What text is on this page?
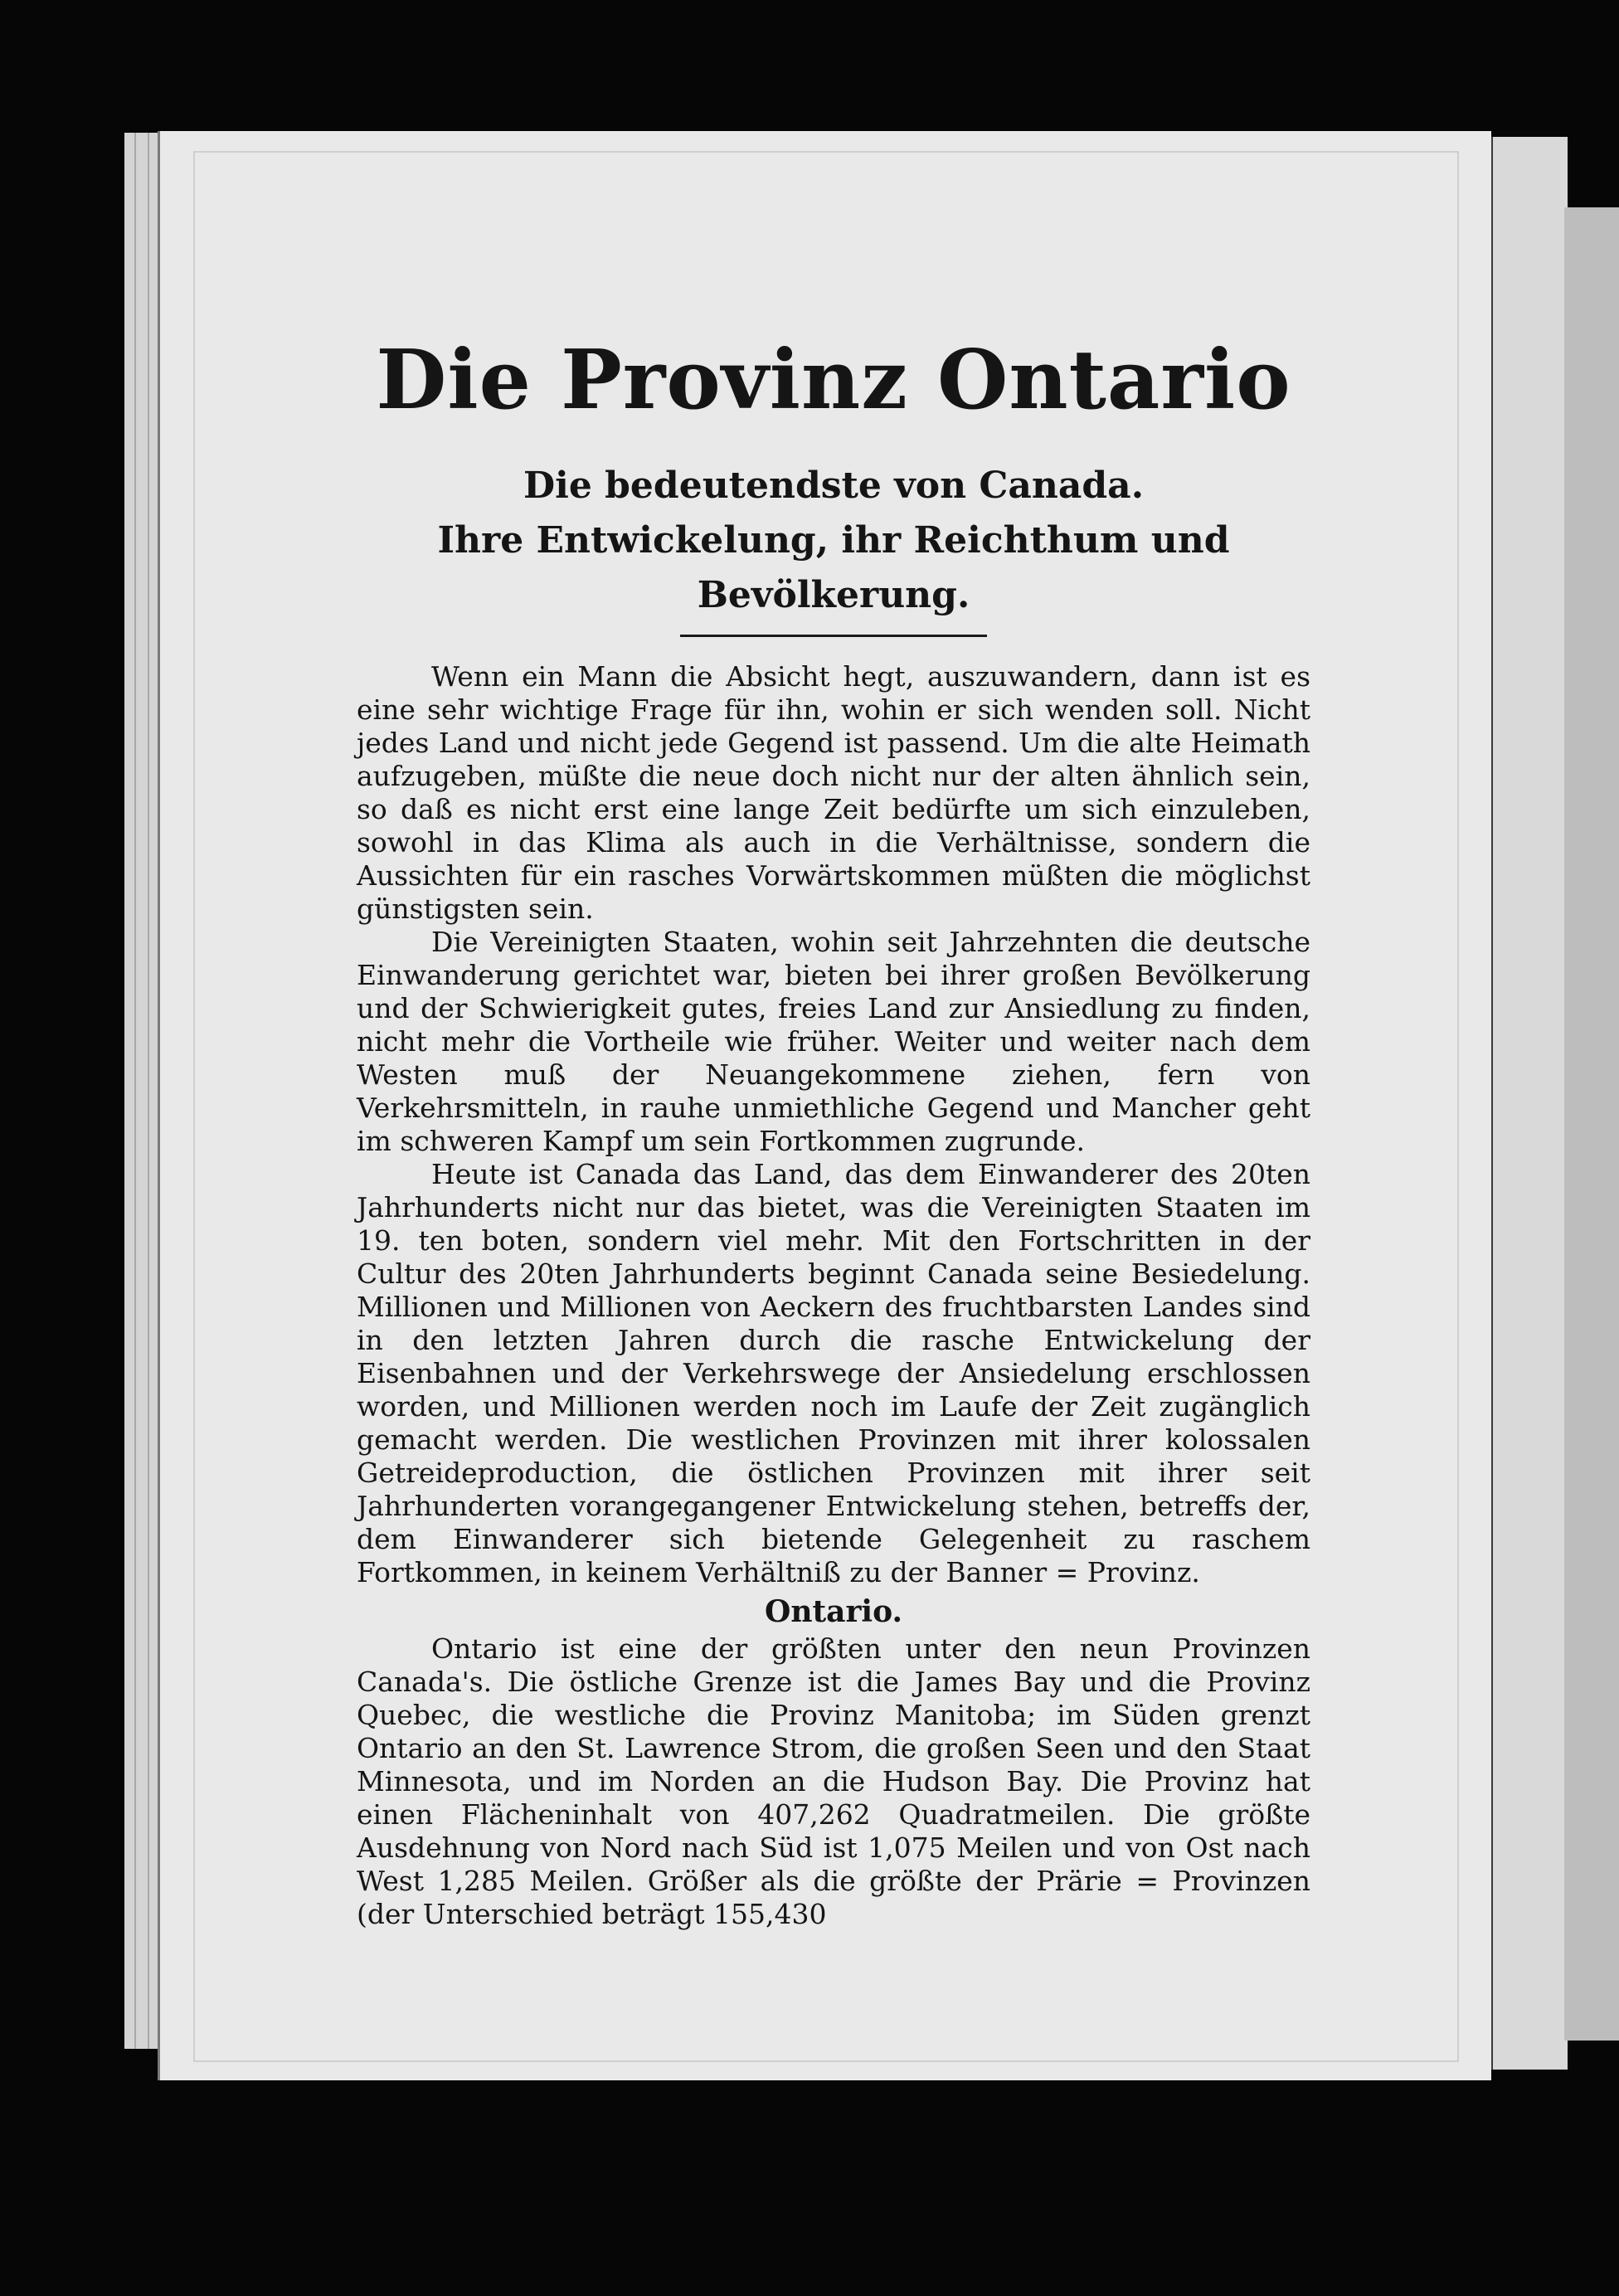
Die Provinz Ontario

Die bedeutendste von Canada.

Ihre Entwickelung, ihr Reichthum und

Bevölkerung.

Wenn ein Mann die Absicht hegt, auszuwandern, dann ist es eine sehr wichtige Frage für ihn, wohin er sich wenden soll. Nicht jedes Land und nicht jede Gegend ist passend. Um die alte Heimath aufzugeben, müßte die neue doch nicht nur der alten ähnlich sein, so daß es nicht erst eine lange Zeit bedürfte um sich einzuleben, sowohl in das Klima als auch in die Verhältnisse, sondern die Aussichten für ein rasches Vorwärtskommen müßten die möglichst günstigsten sein.

Die Vereinigten Staaten, wohin seit Jahrzehnten die deutsche Einwanderung gerichtet war, bieten bei ihrer großen Bevölkerung und der Schwierigkeit gutes, freies Land zur Ansiedlung zu finden, nicht mehr die Vortheile wie früher. Weiter und weiter nach dem Westen muß der Neuangekommene ziehen, fern von Verkehrsmitteln, in rauhe unmiethliche Gegend und Mancher geht im schweren Kampf um sein Fortkommen zugrunde.

Heute ist Canada das Land, das dem Einwanderer des 20ten Jahrhunderts nicht nur das bietet, was die Vereinigten Staaten im 19. ten boten, sondern viel mehr. Mit den Fortschritten in der Cultur des 20ten Jahrhunderts beginnt Canada seine Besiedelung. Millionen und Millionen von Aeckern des fruchtbarsten Landes sind in den letzten Jahren durch die rasche Entwickelung der Eisenbahnen und der Verkehrswege der Ansiedelung erschlossen worden, und Millionen werden noch im Laufe der Zeit zugänglich gemacht werden. Die westlichen Provinzen mit ihrer kolossalen Getreideproduction, die östlichen Provinzen mit ihrer seit Jahrhunderten vorangegangener Entwickelung stehen, betreffs der, dem Einwanderer sich bietende Gelegenheit zu raschem Fortkommen, in keinem Verhältniß zu der Banner = Provinz.

Ontario.

Ontario ist eine der größten unter den neun Provinzen Canada's. Die östliche Grenze ist die James Bay und die Provinz Quebec, die westliche die Provinz Manitoba; im Süden grenzt Ontario an den St. Lawrence Strom, die großen Seen und den Staat Minnesota, und im Norden an die Hudson Bay. Die Provinz hat einen Flächeninhalt von 407,262 Quadratmeilen. Die größte Ausdehnung von Nord nach Süd ist 1,075 Meilen und von Ost nach West 1,285 Meilen. Größer als die größte der Prärie = Provinzen (der Unterschied beträgt 155,430
